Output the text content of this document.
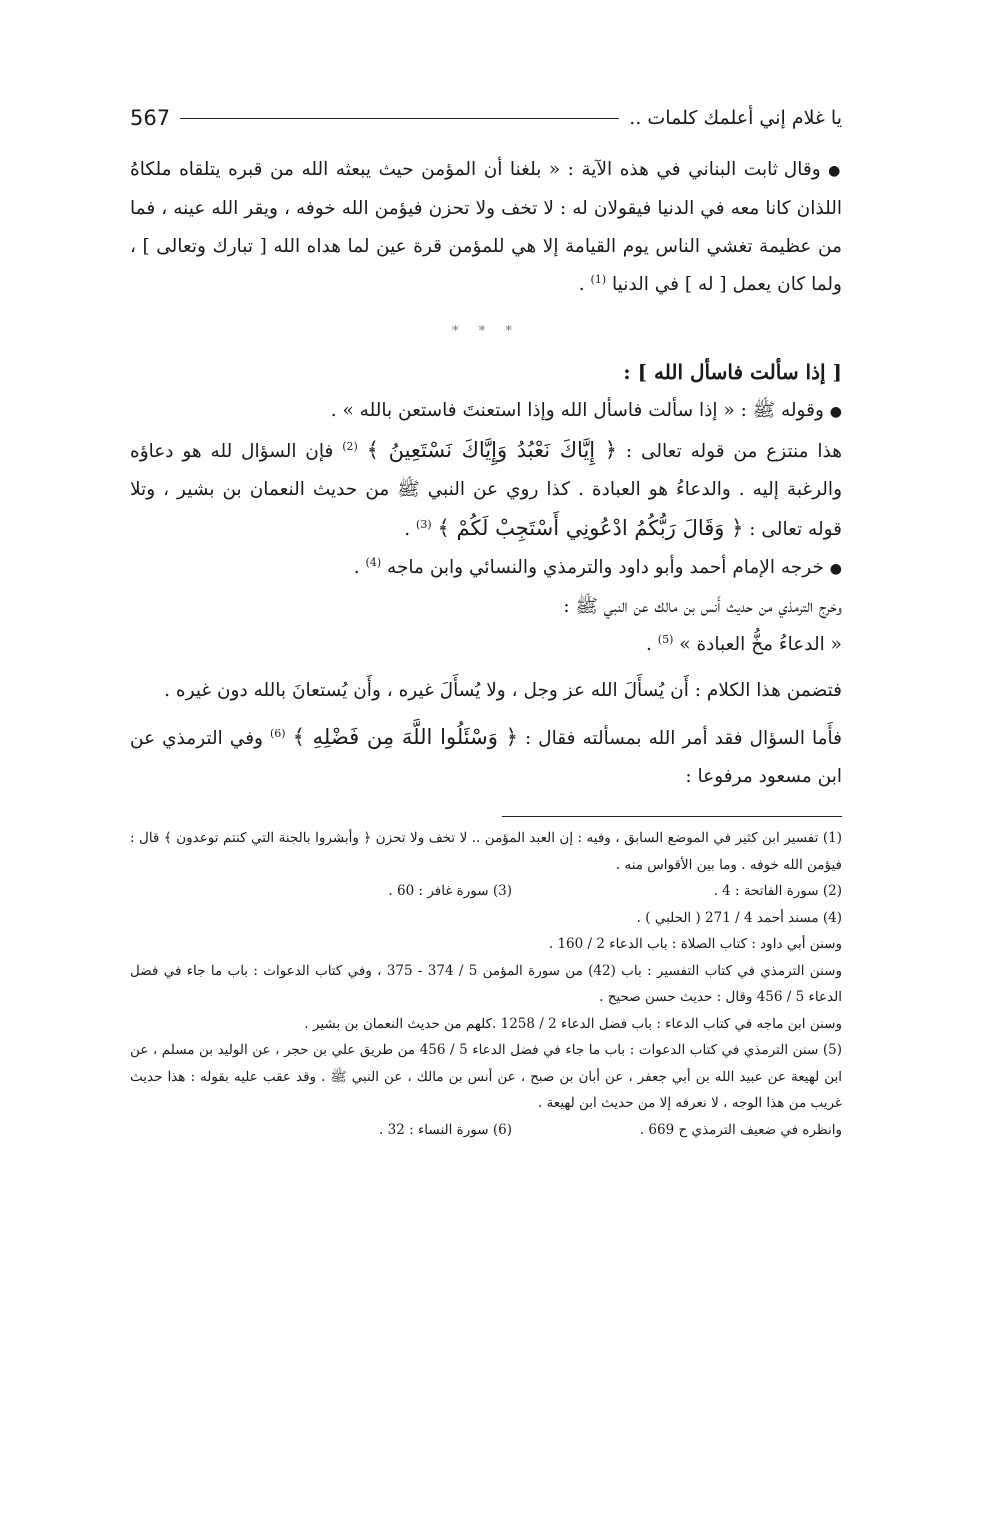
يا غلام إني أعلمك كلمات ..
567

● وقال ثابت البناني في هذه الآية : « بلغنا أن المؤمن حيث يبعثه الله من قبره يتلقاه ملكاهُ اللذان كانا معه في الدنيا فيقولان له : لا تخف ولا تحزن فيؤمن الله خوفه ، ويقر الله عينه ، فما من عظيمة تغشي الناس يوم القيامة إلا هي للمؤمن قرة عين لما هداه الله [ تبارك وتعالى ] ، ولما كان يعمل [ له ] في الدنيا $^{(1)}$ .

* * *

[ إذا سألت فاسأل الله ] :

● وقوله ﷺ : « إذا سألت فاسأل الله وإذا استعنتَ فاستعن بالله » .

هذا منتزع من قوله تعالى : ﴿ إِيَّاكَ نَعْبُدُ وَإِيَّاكَ نَسْتَعِينُ ﴾ $^{(2)}$ فإن السؤال لله هو دعاؤه والرغبة إليه . والدعاءُ هو العبادة . كذا روي عن النبي ﷺ من حديث النعمان بن بشير ، وتلا قوله تعالى : ﴿ وَقَالَ رَبُّكُمُ ادْعُونِي أَسْتَجِبْ لَكُمْ ﴾ $^{(3)}$ .

● خرجه الإمام أحمد وأبو داود والترمذي والنسائي وابن ماجه $^{(4)}$ .

وخرج الترمذي من حديث أَنس بن مالك عن النبي ﷺ :

« الدعاءُ مخُّ العبادة » $^{(5)}$ .

فتضمن هذا الكلام : أَن يُسأَلَ الله عز وجل ، ولا يُسأَلَ غيره ، وأَن يُستعانَ بالله دون غيره .

فأَما السؤال فقد أمر الله بمسألته فقال : ﴿ وَسْئَلُوا اللَّهَ مِن فَضْلِهِ ﴾ $^{(6)}$ وفي الترمذي عن ابن مسعود مرفوعا :

(1) تفسير ابن كثير في الموضع السابق ، وفيه : إن العبد المؤمن .. لا تخف ولا تحزن ﴿ وأبشروا بالجنة التي كنتم توعدون ﴾ قال : فيؤمن الله خوفه . وما بين الأقواس منه .

(2) سورة الفاتحة : 4 .
(3) سورة غافر : 60 .

(4) مسند أحمد 4 / 271 ( الحلبي ) .

وسنن أبي داود : كتاب الصلاة : باب الدعاء 2 / 160 .

وسنن الترمذي في كتاب التفسير : باب (42) من سورة المؤمن 5 / 374 - 375 ، وفي كتاب الدعوات : باب ما جاء في فضل الدعاء 5 / 456 وقال : حديث حسن صحيح .

وسنن ابن ماجه في كتاب الدعاء : باب فضل الدعاء 2 / 1258 .كلهم من حديث النعمان بن بشير .

(5) سنن الترمذي في كتاب الدعوات : باب ما جاء في فضل الدعاء 5 / 456 من طريق علي بن حجر ، عن الوليد بن مسلم ، عن ابن لهيعة عن عبيد الله بن أبي جعفر ، عن أبان بن صبح ، عن أنس بن مالك ، عن النبي ﷺ . وقد عقب عليه بقوله : هذا حديث غريب من هذا الوجه ، لا نعرفه إلا من حديث ابن لهيعة .

وانظره في ضعيف الترمذي ح 669 .
(6) سورة النساء : 32 .
